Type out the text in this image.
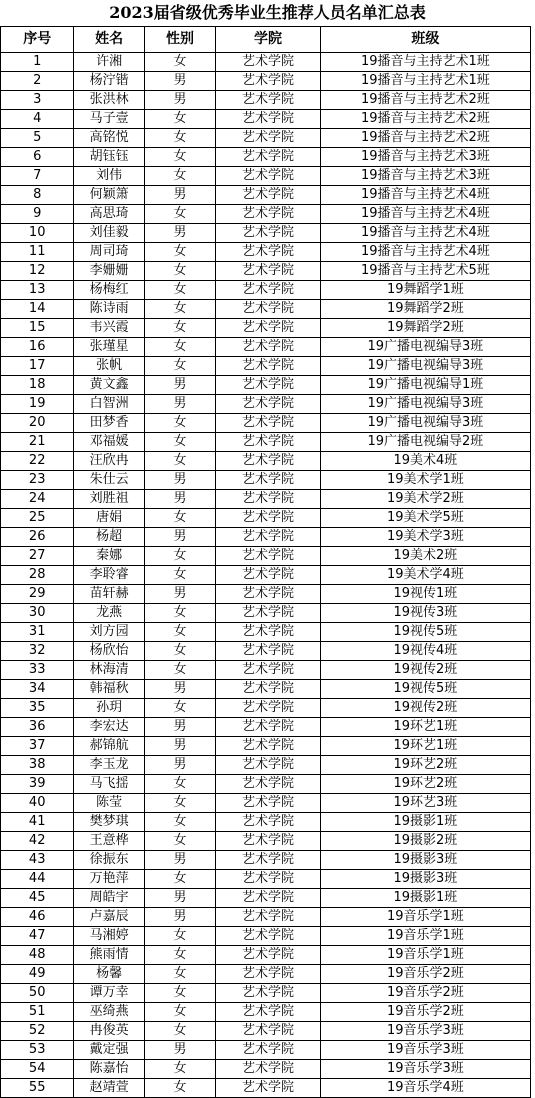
2023届省级优秀毕业生推荐人员名单汇总表
序号	姓名	性别	学院	班级
1	许湘	女	艺术学院	19播音与主持艺术1班
2	杨泞锴	男	艺术学院	19播音与主持艺术1班
3	张洪林	男	艺术学院	19播音与主持艺术2班
4	马子壹	女	艺术学院	19播音与主持艺术2班
5	高铭悦	女	艺术学院	19播音与主持艺术2班
6	胡钰钰	女	艺术学院	19播音与主持艺术3班
7	刘伟	女	艺术学院	19播音与主持艺术3班
8	何颖箫	男	艺术学院	19播音与主持艺术4班
9	高思琦	女	艺术学院	19播音与主持艺术4班
10	刘佳毅	男	艺术学院	19播音与主持艺术4班
11	周司琦	女	艺术学院	19播音与主持艺术4班
12	李姗姗	女	艺术学院	19播音与主持艺术5班
13	杨梅红	女	艺术学院	19舞蹈学1班
14	陈诗雨	女	艺术学院	19舞蹈学2班
15	韦兴霞	女	艺术学院	19舞蹈学2班
16	张瑾星	女	艺术学院	19广播电视编导3班
17	张帆	女	艺术学院	19广播电视编导3班
18	黄文鑫	男	艺术学院	19广播电视编导1班
19	白智洲	男	艺术学院	19广播电视编导3班
20	田梦香	女	艺术学院	19广播电视编导3班
21	邓福媛	女	艺术学院	19广播电视编导2班
22	汪欣冉	女	艺术学院	19美术4班
23	朱仕云	男	艺术学院	19美术学1班
24	刘胜祖	男	艺术学院	19美术学2班
25	唐娟	女	艺术学院	19美术学5班
26	杨超	男	艺术学院	19美术学3班
27	秦娜	女	艺术学院	19美术2班
28	李聆睿	女	艺术学院	19美术学4班
29	苗轩赫	男	艺术学院	19视传1班
30	龙燕	女	艺术学院	19视传3班
31	刘方园	女	艺术学院	19视传5班
32	杨欣怡	女	艺术学院	19视传4班
33	林海清	女	艺术学院	19视传2班
34	韩福秋	男	艺术学院	19视传5班
35	孙玥	女	艺术学院	19视传2班
36	李宏达	男	艺术学院	19环艺1班
37	郝锦航	男	艺术学院	19环艺1班
38	李玉龙	男	艺术学院	19环艺2班
39	马飞揺	女	艺术学院	19环艺2班
40	陈莹	女	艺术学院	19环艺3班
41	樊梦琪	女	艺术学院	19摄影1班
42	王意桦	女	艺术学院	19摄影2班
43	徐振东	男	艺术学院	19摄影3班
44	万艳萍	女	艺术学院	19摄影3班
45	周皓宇	男	艺术学院	19摄影1班
46	卢嘉辰	男	艺术学院	19音乐学1班
47	马湘婷	女	艺术学院	19音乐学1班
48	熊雨情	女	艺术学院	19音乐学1班
49	杨馨	女	艺术学院	19音乐学2班
50	谭万幸	女	艺术学院	19音乐学2班
51	巫绮燕	女	艺术学院	19音乐学2班
52	冉俊英	女	艺术学院	19音乐学3班
53	戴定强	男	艺术学院	19音乐学3班
54	陈嘉怡	女	艺术学院	19音乐学3班
55	赵靖萱	女	艺术学院	19音乐学4班
